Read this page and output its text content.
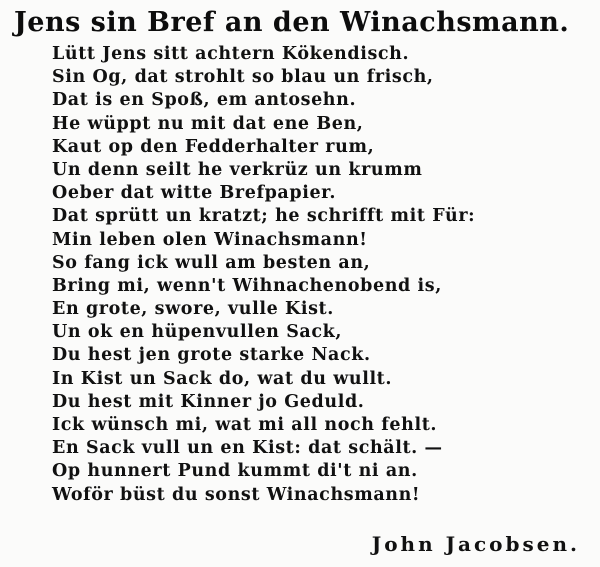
Jens sin Bref an den Winachsmann.
Lütt Jens sitt achtern Kökendisch.
Sin Og, dat strohlt so blau un frisch,
Dat is en Spoß, em antosehn.
He wüppt nu mit dat ene Ben,
Kaut op den Fedderhalter rum,
Un denn seilt he verkrüz un krumm
Oeber dat witte Brefpapier.
Dat sprütt un kratzt; he schrifft mit Für:
Min leben olen Winachsmann!
So fang ick wull am besten an,
Bring mi, wenn't Wihnachenobend is,
En grote, swore, vulle Kist.
Un ok en hüpenvullen Sack,
Du hest jen grote starke Nack.
In Kist un Sack do, wat du wullt.
Du hest mit Kinner jo Geduld.
Ick wünsch mi, wat mi all noch fehlt.
En Sack vull un en Kist: dat schält. —
Op hunnert Pund kummt di't ni an.
Woför büst du sonst Winachsmann!
John Jacobsen.
